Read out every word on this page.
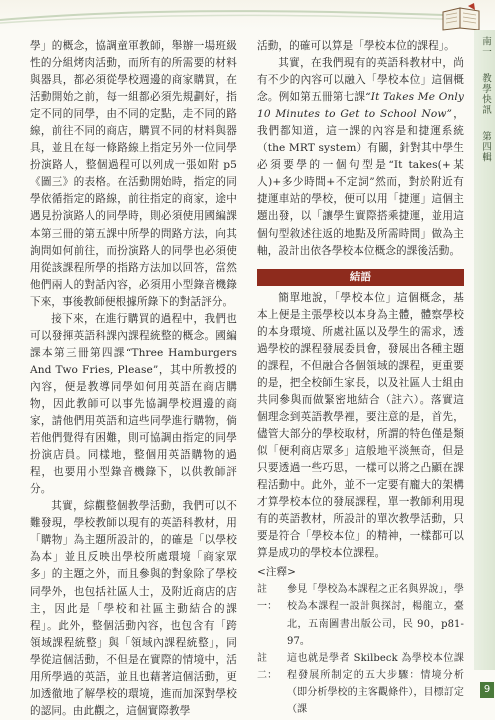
南一  教學快訊  第四輯

學」的概念，協調童軍教師，舉辦一場班級性的分組烤肉活動，而所有的所需要的材料與器具，都必須從學校週邊的商家購買，在活動開始之前，每一組都必須先規劃好，指定不同的同學，由不同的定點，走不同的路線，前往不同的商店，購買不同的材料與器具，並且在每一條路線上指定另外一位同學扮演路人，整個過程可以列成一張如附 p5《圖三》的表格。在活動開始時，指定的同學依循指定的路線，前往指定的商家，途中遇見扮演路人的同學時，則必須使用國編課本第三冊的第五課中所學的問路方法，向其詢問如何前往，而扮演路人的同學也必須使用從該課程所學的指路方法加以回答，當然他們兩人的對話內容，必須用小型錄音機錄下來，事後教師便根據所錄下的對話評分。

接下來，在進行購買的過程中，我們也可以發揮英語科課內課程統整的概念。國編課本第三冊第四課“Three Hamburgers And Two Fries, Please”，其中所教授的內容，便是教導同學如何用英語在商店購物，因此教師可以事先協調學校週邊的商家，請他們用英語和這些同學進行購物，倘若他們覺得有困難，則可協調由指定的同學扮演店員。同樣地，整個用英語購物的過程，也要用小型錄音機錄下，以供教師評分。

其實，綜觀整個教學活動，我們可以不難發現，學校教師以現有的英語科教材，用「購物」為主題所設計的，的確是「以學校為本」並且反映出學校所處環境「商家眾多」的主題之外，而且參與的對象除了學校同學外，也包括社區人士，及附近商店的店主，因此是「學校和社區主動結合的課程」。此外，整個活動內容，也包含有「跨領域課程統整」與「領域內課程統整」，同學從這個活動，不但是在實際的情境中，活用所學過的英語，並且也藉著這個活動，更加透徹地了解學校的環境，進而加深對學校的認同。由此觀之，這個實際教學

活動，的確可以算是「學校本位的課程」。

其實，在我們現有的英語科教材中，尚有不少的內容可以融入「學校本位」這個概念。例如第五冊第七課“It Takes Me Only 10 Minutes to Get to School Now”，我們都知道，這一課的內容是和捷運系統（the MRT system）有關，針對其中學生必須要學的一個句型是“It takes(+某人)+多少時間+不定詞”然而，對於附近有捷運車站的學校，便可以用「捷運」這個主題出發，以「讓學生實際搭乘捷運，並用這個句型敘述往返的地點及所需時間」做為主軸，設計出依各學校本位概念的課後活動。

結語

簡單地說，「學校本位」這個概念，基本上便是主張學校以本身為主體，體察學校的本身環境、所處社區以及學生的需求，透過學校的課程發展委員會，發展出各種主題的課程，不但融合各個領域的課程，更重要的是，把全校師生家長，以及社區人士組由共同參與而做緊密地結合（註六）。落實這個理念到英語教學裡，要注意的是，首先，儘管大部分的學校取材，所謂的特色僅是類似「便利商店眾多」這般地平淡無奇，但是只要透過一些巧思，一樣可以將之凸顯在課程活動中。此外，並不一定要有龐大的架構才算學校本位的發展課程，單一教師利用現有的英語教材，所設計的單次教學活動，只要是符合「學校本位」的精神，一樣都可以算是成功的學校本位課程。

<注釋>
註一：
參見「學校為本課程之正名與界說」，學校為本課程一設計與探討，楊龍立，臺北，五南圖書出版公司，民 90，p81-97。
註二：
這也就是學者 Skilbeck 為學校本位課程發展所制定的五大步驟：情境分析（即分析學校的主客觀條件），目標訂定（課
9
